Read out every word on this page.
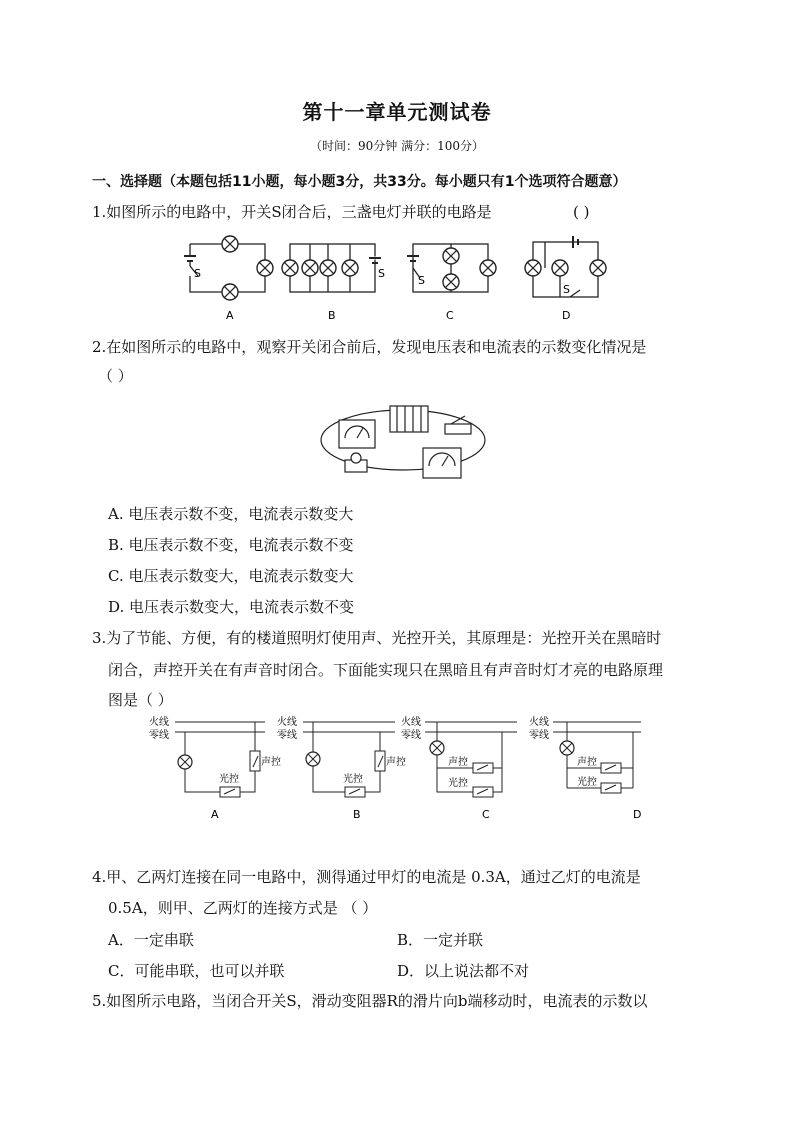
第十一章单元测试卷
（时间：90分钟 满分：100分）
一、选择题（本题包括11小题，每小题3分，共33分。每小题只有1个选项符合题意）
1.如图所示的电路中，开关S闭合后，三盏电灯并联的电路是	( )
S	S
S
S
A	B	C	D
2.在如图所示的电路中，观察开关闭合前后，发现电压表和电流表的示数变化情况是
（ ）
A. 电压表示数不变，电流表示数变大
B. 电压表示数不变，电流表示数不变
C. 电压表示数变大，电流表示数变大
D. 电压表示数变大，电流表示数不变
3.为了节能、方便，有的楼道照明灯使用声、光控开关，其原理是：光控开关在黑暗时
闭合，声控开关在有声音时闭合。下面能实现只在黑暗且有声音时灯才亮的电路原理
图是（ ）
火线
零线
光控
声控
火线
零线
光控
声控
火线
零线
声控
光控
火线
零线
声控
光控
A	B	C	D
4.甲、乙两灯连接在同一电路中，测得通过甲灯的电流是 0.3A，通过乙灯的电流是
0.5A，则甲、乙两灯的连接方式是 （ ）
A．一定串联	B．一定并联
C．可能串联，也可以并联	D．以上说法都不对
5.如图所示电路，当闭合开关S，滑动变阻器R的滑片向b端移动时，电流表的示数以
